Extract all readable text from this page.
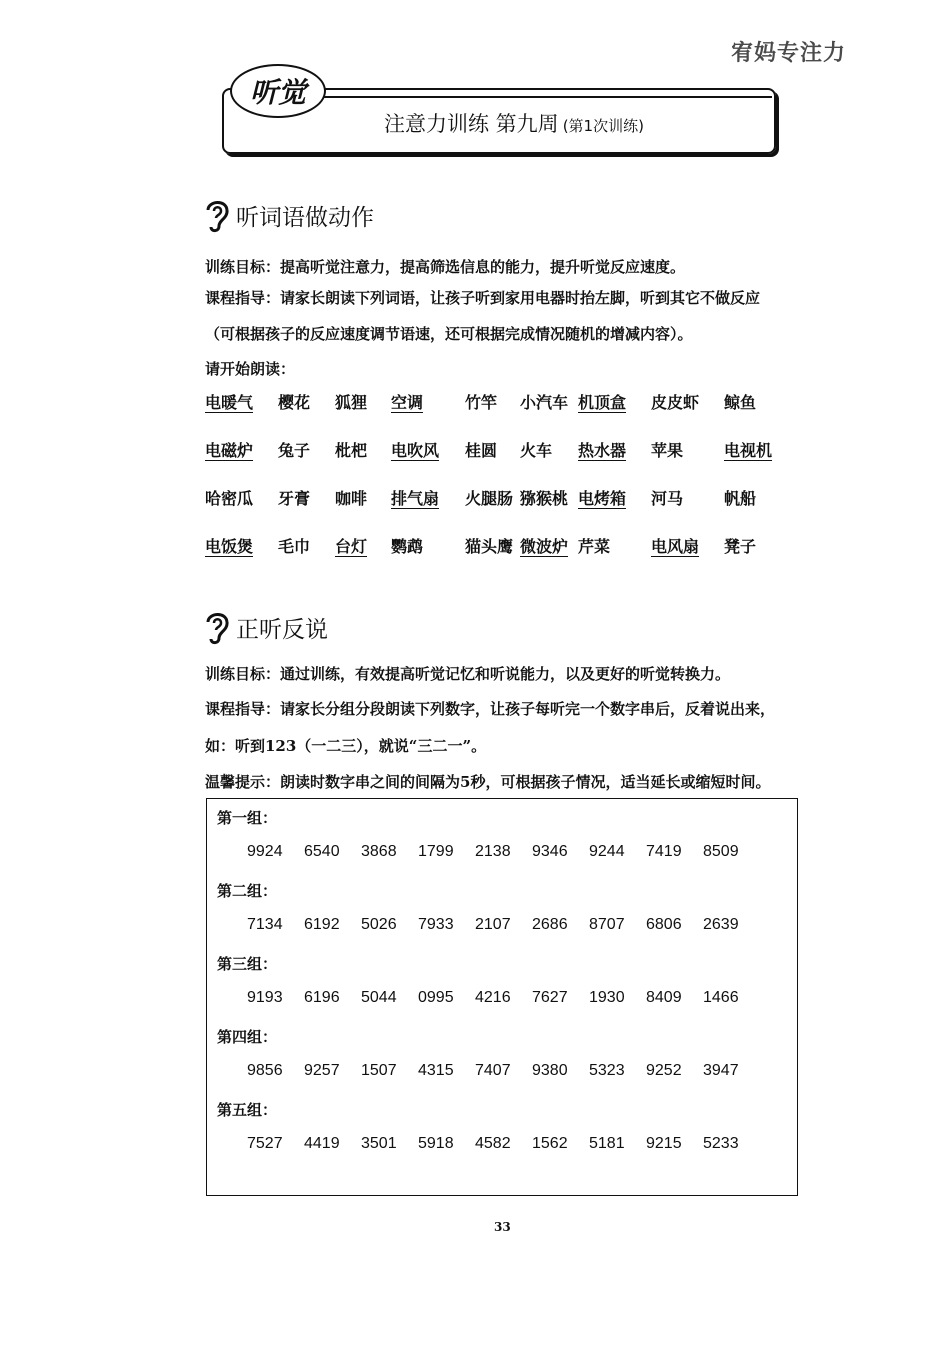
宥妈专注力
听觉
注意力训练 第九周 (第1次训练)
听词语做动作
训练目标：提高听觉注意力，提高筛选信息的能力，提升听觉反应速度。
课程指导：请家长朗读下列词语，让孩子听到家用电器时抬左脚，听到其它不做反应
（可根据孩子的反应速度调节语速，还可根据完成情况随机的增减内容）。
请开始朗读：
电暖气 樱花 狐狸 空调	竹竿 小汽车 机顶盒 皮皮虾 鲸鱼
电磁炉 兔子 枇杷 电吹风 桂圆 火车 热水器 苹果	电视机
哈密瓜 牙膏 咖啡 排气扇 火腿肠 猕猴桃 电烤箱 河马	帆船
电饭煲 毛巾 台灯 鹦鹉	猫头鹰 微波炉 芹菜	电风扇 凳子
正听反说
训练目标：通过训练，有效提高听觉记忆和听说能力，以及更好的听觉转换力。
课程指导：请家长分组分段朗读下列数字，让孩子每听完一个数字串后，反着说出来，
如：听到123（一二三），就说“三二一”。
温馨提示：朗读时数字串之间的间隔为5秒，可根据孩子情况，适当延长或缩短时间。
第一组：
9924 6540 3868 1799 2138 9346 9244 7419 8509
第二组：
7134 6192 5026 7933 2107 2686 8707 6806 2639
第三组：
9193 6196 5044 0995 4216 7627 1930 8409 1466
第四组：
9856 9257 1507 4315 7407 9380 5323 9252 3947
第五组：
7527 4419 3501 5918 4582 1562 5181 9215 5233
33
